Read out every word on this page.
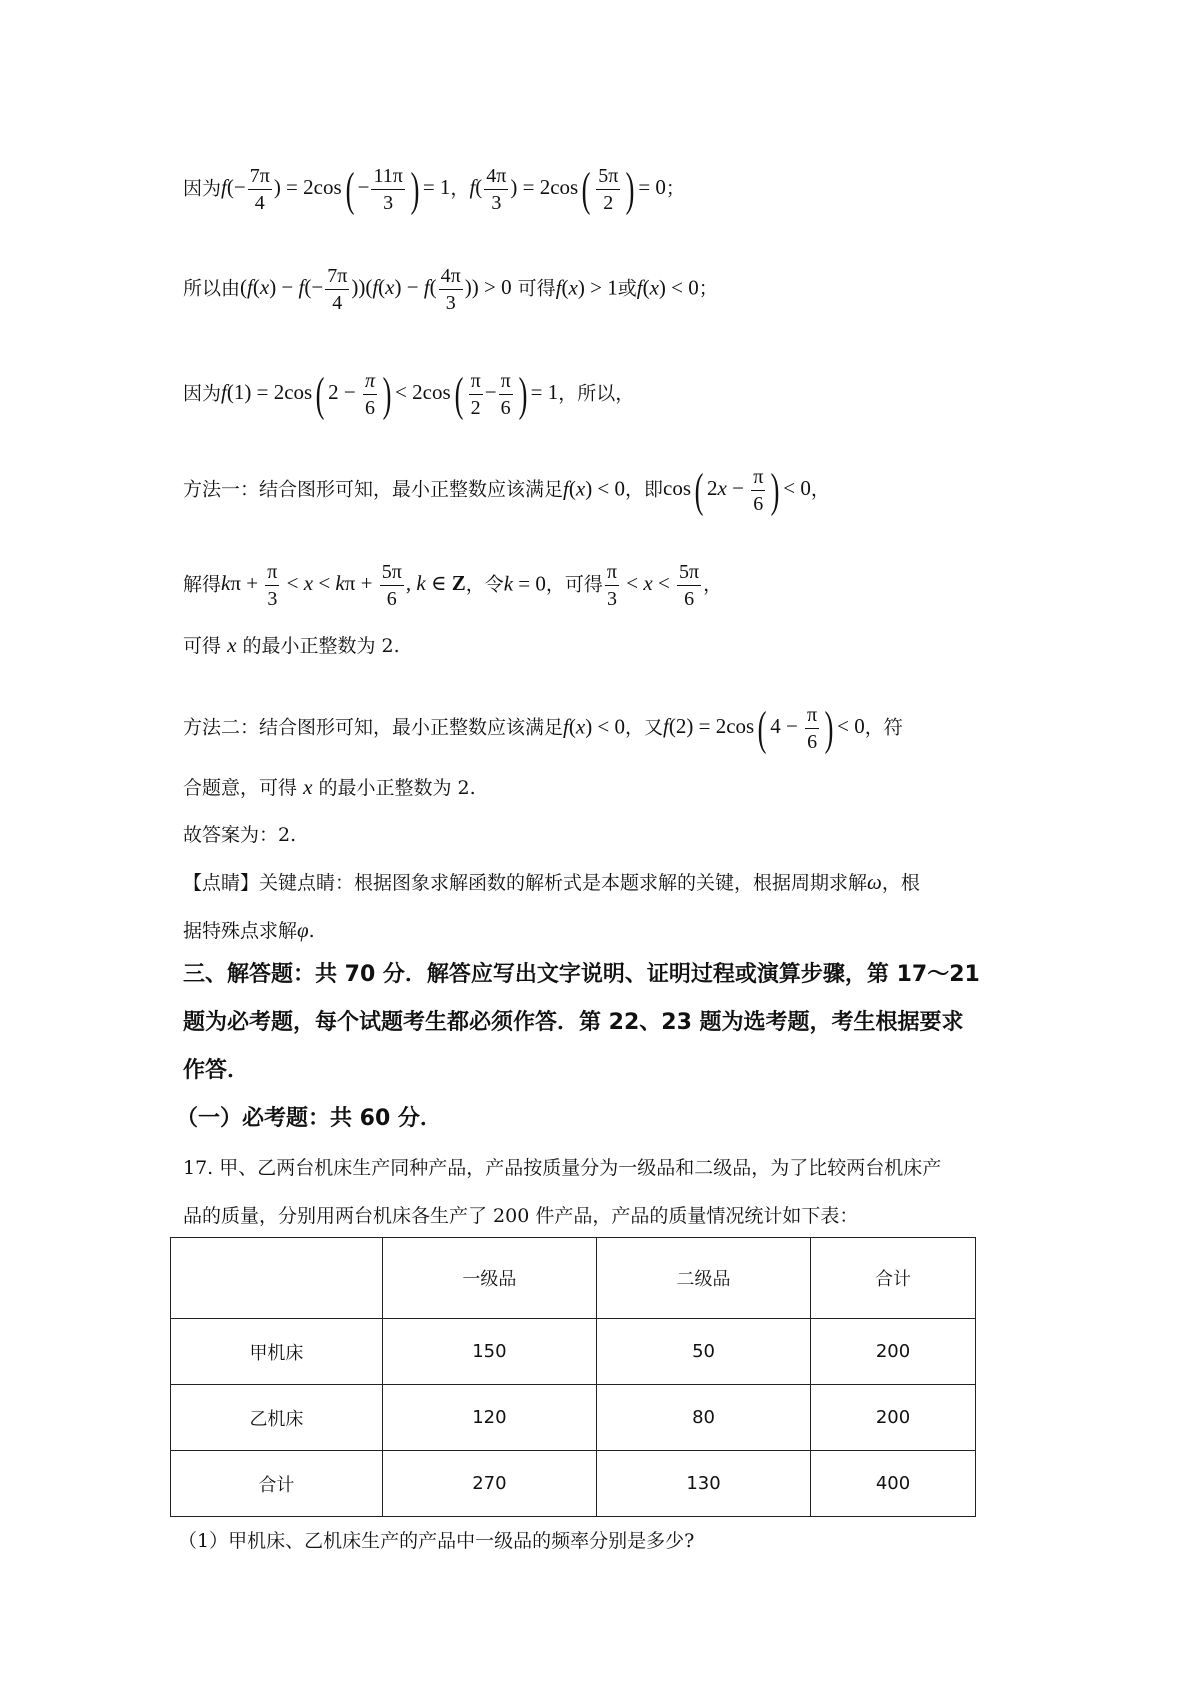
因为$f(- \frac{7\pi}{4}$ ) = $2\cos( - \frac{11\pi}{3}$ ) = 1，$f( \frac{4\pi}{3}$ ) = $2\cos( \frac{5\pi}{2}$ ) = 0；
所以由$(f(x) - f(- \frac{7\pi}{4} ))(f(x) - f( \frac{4\pi}{3}$ )) > 0 可得f(x) > 1或f(x) < 0；
因为f(1) = 2cos( $2 - \frac{\pi}{6}$ ) < $2\cos( \frac{\pi}{2} - \frac{\pi}{6}$ ) = 1，所以，
方法一：结合图形可知，最小正整数应该满足f(x) < 0，即cos( $2x - \frac{\pi}{6}$ ) < 0，
解得$k\pi + \frac{\pi}{3} < x < k\pi + \frac{5\pi}{6}$ , k ∈ Z，令k = 0，可得 $\frac{\pi}{3} < x < \frac{5\pi}{6}$ ，
可得 x 的最小正整数为 2.
方法二：结合图形可知，最小正整数应该满足f(x) < 0，又f(2) = 2cos( $4 - \frac{\pi}{6}$ ) < 0，符
合题意，可得 x 的最小正整数为 2.
故答案为：2.
【点睛】关键点睛：根据图象求解函数的解析式是本题求解的关键，根据周期求解ω，根
据特殊点求解φ.
三、解答题：共 70 分．解答应写出文字说明、证明过程或演算步骤，第 17～21
题为必考题，每个试题考生都必须作答．第 22、23 题为选考题，考生根据要求
作答．
（一）必考题：共 60 分．
17. 甲、乙两台机床生产同种产品，产品按质量分为一级品和二级品，为了比较两台机床产
品的质量，分别用两台机床各生产了 200 件产品，产品的质量情况统计如下表：
	一级品	二级品	合计
甲机床	150	50	200
乙机床	120	80	200
合计	270	130	400
（1）甲机床、乙机床生产的产品中一级品的频率分别是多少?
